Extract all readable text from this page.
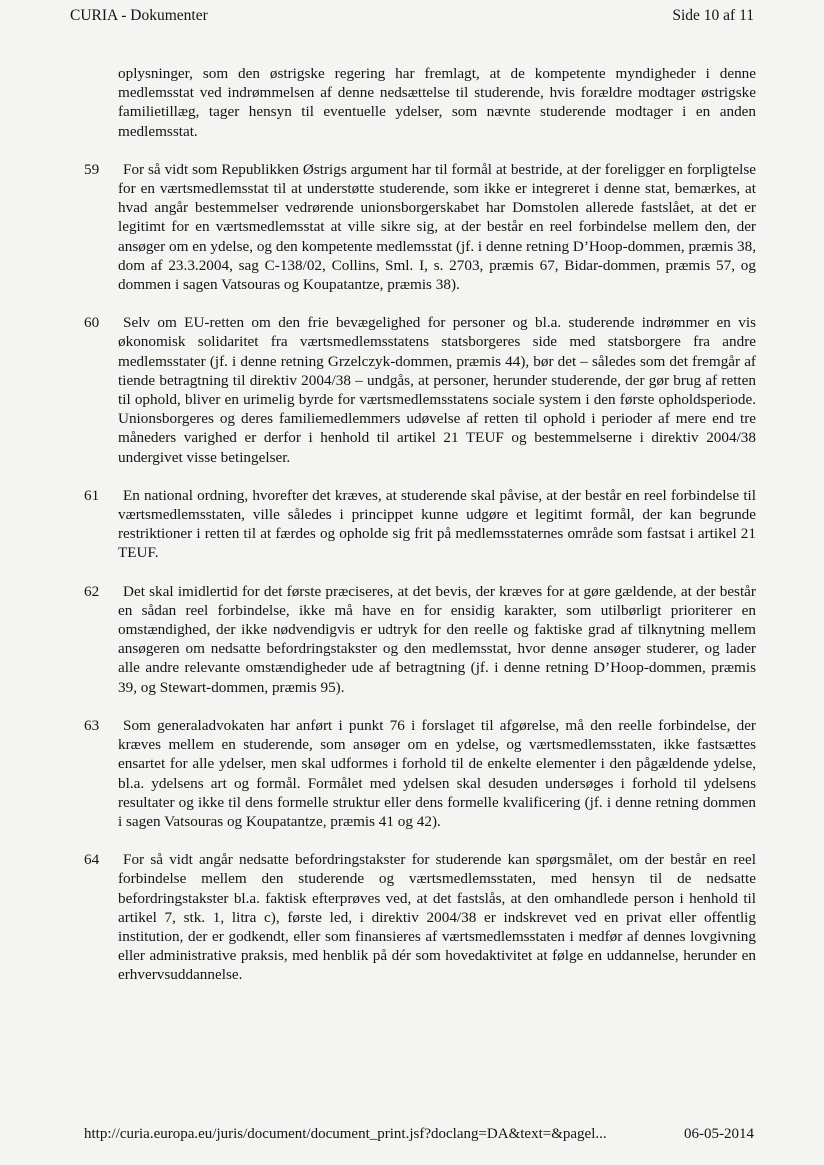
CURIA - Dokumenter	Side 10 af 11
oplysninger, som den østrigske regering har fremlagt, at de kompetente myndigheder i denne medlemsstat ved indrømmelsen af denne nedsættelse til studerende, hvis forældre modtager østrigske familietillæg, tager hensyn til eventuelle ydelser, som nævnte studerende modtager i en anden medlemsstat.
59	For så vidt som Republikken Østrigs argument har til formål at bestride, at der foreligger en forpligtelse for en værtsmedlemsstat til at understøtte studerende, som ikke er integreret i denne stat, bemærkes, at hvad angår bestemmelser vedrørende unionsborgerskabet har Domstolen allerede fastslået, at det er legitimt for en værtsmedlemsstat at ville sikre sig, at der består en reel forbindelse mellem den, der ansøger om en ydelse, og den kompetente medlemsstat (jf. i denne retning D’Hoop-dommen, præmis 38, dom af 23.3.2004, sag C-138/02, Collins, Sml. I, s. 2703, præmis 67, Bidar-dommen, præmis 57, og dommen i sagen Vatsouras og Koupatantze, præmis 38).
60	Selv om EU-retten om den frie bevægelighed for personer og bl.a. studerende indrømmer en vis økonomisk solidaritet fra værtsmedlemsstatens statsborgeres side med statsborgere fra andre medlemsstater (jf. i denne retning Grzelczyk-dommen, præmis 44), bør det – således som det fremgår af tiende betragtning til direktiv 2004/38 – undgås, at personer, herunder studerende, der gør brug af retten til ophold, bliver en urimelig byrde for værtsmedlemsstatens sociale system i den første opholdsperiode. Unionsborgeres og deres familiemedlemmers udøvelse af retten til ophold i perioder af mere end tre måneders varighed er derfor i henhold til artikel 21 TEUF og bestemmelserne i direktiv 2004/38 undergivet visse betingelser.
61	En national ordning, hvorefter det kræves, at studerende skal påvise, at der består en reel forbindelse til værtsmedlemsstaten, ville således i princippet kunne udgøre et legitimt formål, der kan begrunde restriktioner i retten til at færdes og opholde sig frit på medlemsstaternes område som fastsat i artikel 21 TEUF.
62	Det skal imidlertid for det første præciseres, at det bevis, der kræves for at gøre gældende, at der består en sådan reel forbindelse, ikke må have en for ensidig karakter, som utilbørligt prioriterer en omstændighed, der ikke nødvendigvis er udtryk for den reelle og faktiske grad af tilknytning mellem ansøgeren om nedsatte befordringstakster og den medlemsstat, hvor denne ansøger studerer, og lader alle andre relevante omstændigheder ude af betragtning (jf. i denne retning D’Hoop-dommen, præmis 39, og Stewart-dommen, præmis 95).
63	Som generaladvokaten har anført i punkt 76 i forslaget til afgørelse, må den reelle forbindelse, der kræves mellem en studerende, som ansøger om en ydelse, og værtsmedlemsstaten, ikke fastsættes ensartet for alle ydelser, men skal udformes i forhold til de enkelte elementer i den pågældende ydelse, bl.a. ydelsens art og formål. Formålet med ydelsen skal desuden undersøges i forhold til ydelsens resultater og ikke til dens formelle struktur eller dens formelle kvalificering (jf. i denne retning dommen i sagen Vatsouras og Koupatantze, præmis 41 og 42).
64	For så vidt angår nedsatte befordringstakster for studerende kan spørgsmålet, om der består en reel forbindelse mellem den studerende og værtsmedlemsstaten, med hensyn til de nedsatte befordringstakster bl.a. faktisk efterprøves ved, at det fastslås, at den omhandlede person i henhold til artikel 7, stk. 1, litra c), første led, i direktiv 2004/38 er indskrevet ved en privat eller offentlig institution, der er godkendt, eller som finansieres af værtsmedlemsstaten i medfør af dennes lovgivning eller administrative praksis, med henblik på dér som hovedaktivitet at følge en uddannelse, herunder en erhvervsuddannelse.
http://curia.europa.eu/juris/document/document_print.jsf?doclang=DA&text=&pagel...	06-05-2014
